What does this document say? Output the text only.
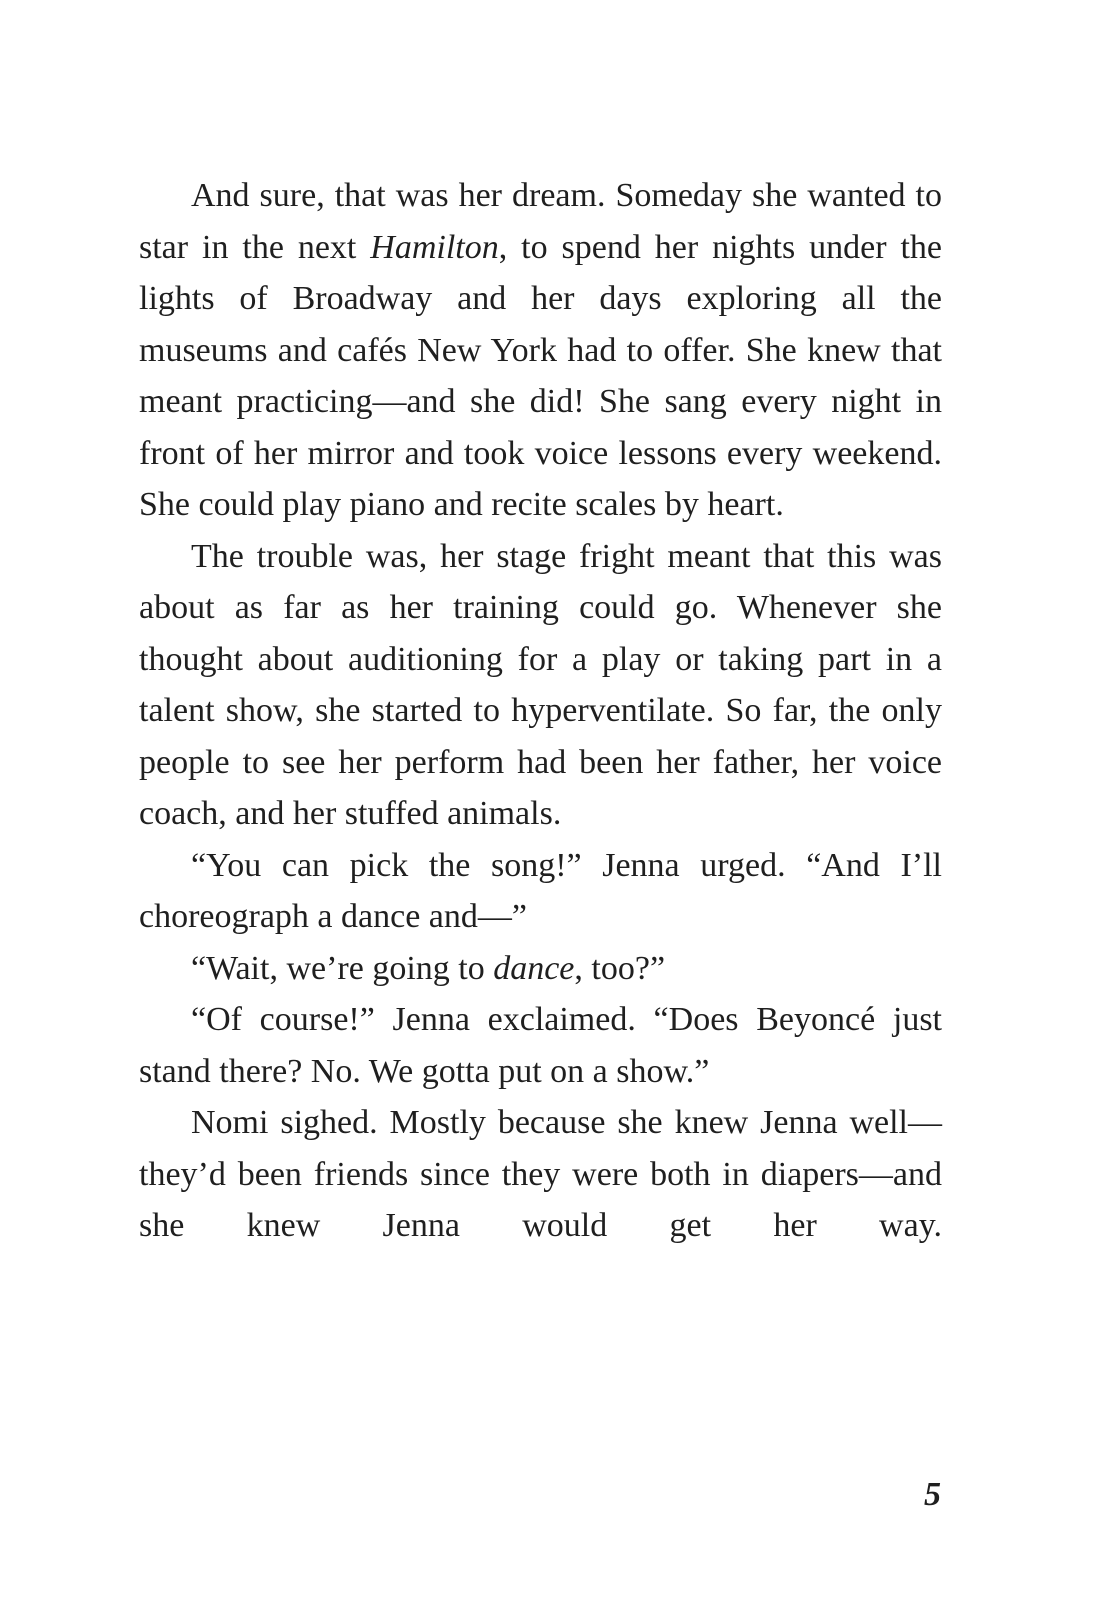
And sure, that was her dream. Someday she wanted to star in the next Hamilton, to spend her nights under the lights of Broadway and her days exploring all the museums and cafés New York had to offer. She knew that meant practicing—and she did! She sang every night in front of her mirror and took voice lessons every weekend. She could play piano and recite scales by heart.

The trouble was, her stage fright meant that this was about as far as her training could go. Whenever she thought about auditioning for a play or taking part in a talent show, she started to hyperventilate. So far, the only people to see her perform had been her father, her voice coach, and her stuffed animals.

“You can pick the song!” Jenna urged. “And I’ll choreograph a dance and—”

“Wait, we’re going to dance, too?”

“Of course!” Jenna exclaimed. “Does Beyoncé just stand there? No. We gotta put on a show.”

Nomi sighed. Mostly because she knew Jenna well—they’d been friends since they were both in diapers—and she knew Jenna would get her way.

5
